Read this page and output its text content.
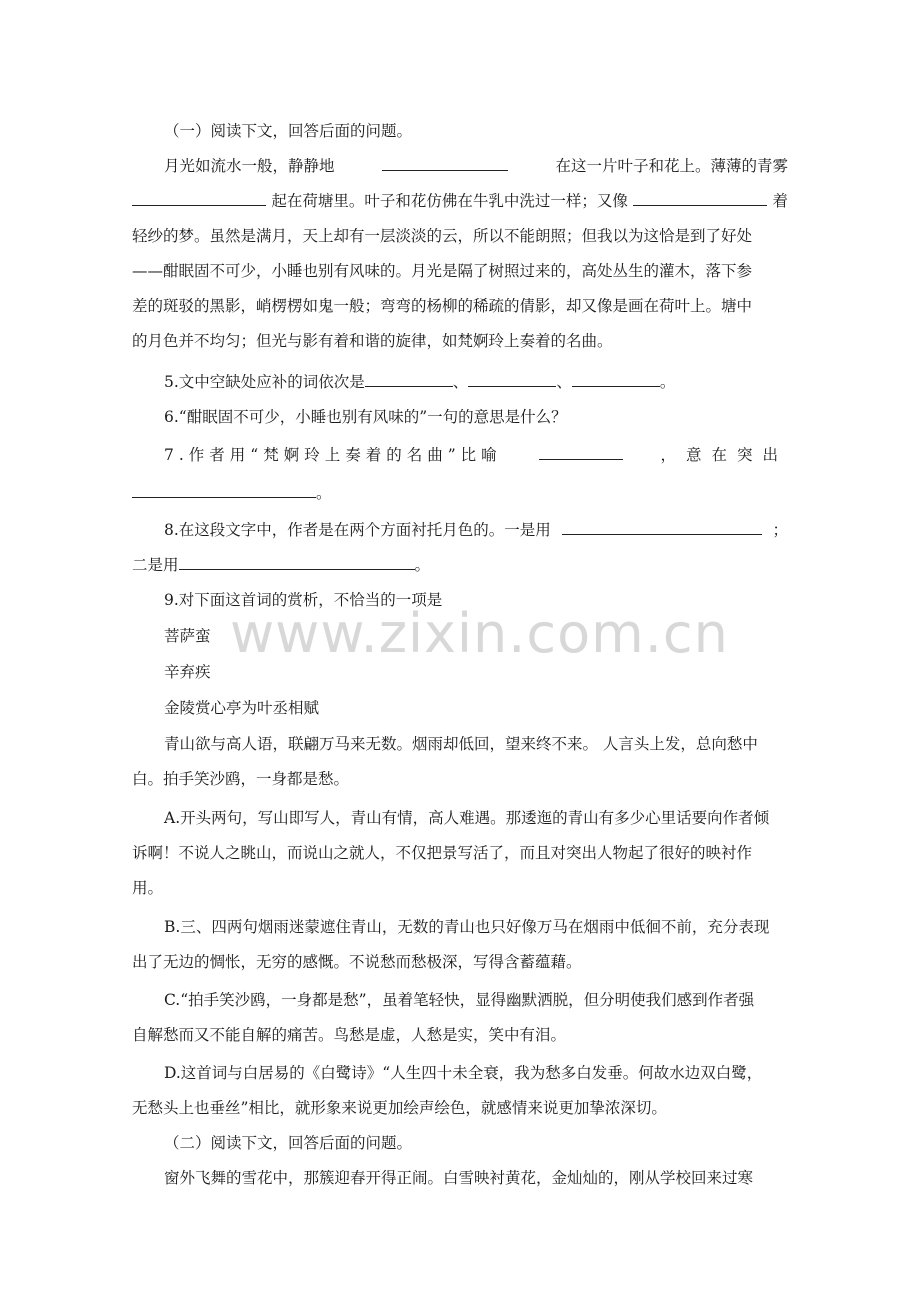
www.zixin.com.cn
（一）阅读下文，回答后面的问题。
月光如流水一般，静静地	在这一片叶子和花上。薄薄的青雾
起在荷塘里。叶子和花仿佛在牛乳中洗过一样；又像	着
轻纱的梦。虽然是满月，天上却有一层淡淡的云，所以不能朗照；但我以为这恰是到了好处
——酣眠固不可少，小睡也别有风味的。月光是隔了树照过来的，高处丛生的灌木，落下参
差的斑驳的黑影，峭楞楞如鬼一般；弯弯的杨柳的稀疏的倩影，却又像是画在荷叶上。塘中
的月色并不均匀；但光与影有着和谐的旋律，如梵婀玲上奏着的名曲。
5.文中空缺处应补的词依次是	、	、	。
6.“酣眠固不可少，小睡也别有风味的”一句的意思是什么？
7.作者用“梵婀玲上奏着的名曲”比喻	，意在突出
。
8.在这段文字中，作者是在两个方面衬托月色的。一是用	；
二是用	。
9.对下面这首词的赏析，不恰当的一项是
菩萨蛮
辛弃疾
金陵赏心亭为叶丞相赋
青山欲与高人语，联翩万马来无数。烟雨却低回，望来终不来。 人言头上发，总向愁中
白。拍手笑沙鸥，一身都是愁。
A.开头两句，写山即写人，青山有情，高人难遇。那逶迤的青山有多少心里话要向作者倾
诉啊！不说人之眺山，而说山之就人，不仅把景写活了，而且对突出人物起了很好的映衬作
用。
B.三、四两句烟雨迷蒙遮住青山，无数的青山也只好像万马在烟雨中低徊不前，充分表现
出了无边的惆怅，无穷的感慨。不说愁而愁极深，写得含蓄蕴藉。
C.“拍手笑沙鸥，一身都是愁”，虽着笔轻快，显得幽默洒脱，但分明使我们感到作者强
自解愁而又不能自解的痛苦。鸟愁是虚，人愁是实，笑中有泪。
D.这首词与白居易的《白鹭诗》“人生四十未全衰，我为愁多白发垂。何故水边双白鹭，
无愁头上也垂丝”相比，就形象来说更加绘声绘色，就感情来说更加挚浓深切。
（二）阅读下文，回答后面的问题。
窗外飞舞的雪花中，那簇迎春开得正闹。白雪映衬黄花，金灿灿的，刚从学校回来过寒
